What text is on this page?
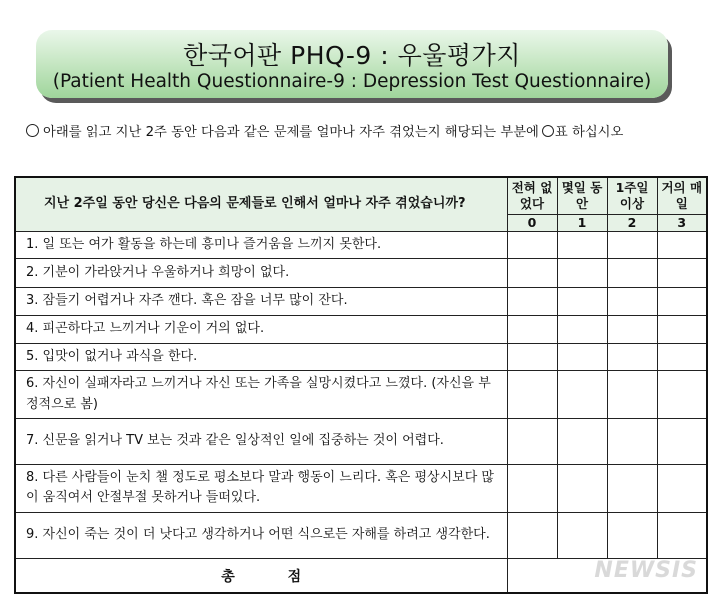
한국어판 PHQ-9 : 우울평가지
(Patient Health Questionnaire-9 : Depression Test Questionnaire)
아래를 읽고 지난 2주 동안 다음과 같은 문제를 얼마나 자주 겪었는지 해당되는 부분에 ○표 하십시오
지난 2주일 동안 당신은 다음의 문제들로 인해서 얼마나 자주 겪었습니까?	전혀 없었다	몇일 동안	1주일 이상	거의 매일
	0	1	2	3
1. 일 또는 여가 활동을 하는데 흥미나 즐거움을 느끼지 못한다.				
2. 기분이 가라앉거나 우울하거나 희망이 없다.				
3. 잠들기 어렵거나 자주 깬다. 혹은 잠을 너무 많이 잔다.				
4. 피곤하다고 느끼거나 기운이 거의 없다.				
5. 입맛이 없거나 과식을 한다.				
6. 자신이 실패자라고 느끼거나 자신 또는 가족을 실망시켰다고 느꼈다. (자신을 부정적으로 봄)				
7. 신문을 읽거나 TV 보는 것과 같은 일상적인 일에 집중하는 것이 어렵다.				
8. 다른 사람들이 눈치 챌 정도로 평소보다 말과 행동이 느리다. 혹은 평상시보다 많이 움직여서 안절부절 못하거나 들떠있다.				
9. 자신이 죽는 것이 더 낫다고 생각하거나 어떤 식으로든 자해를 하려고 생각한다.				
총 점					NEWSIS
